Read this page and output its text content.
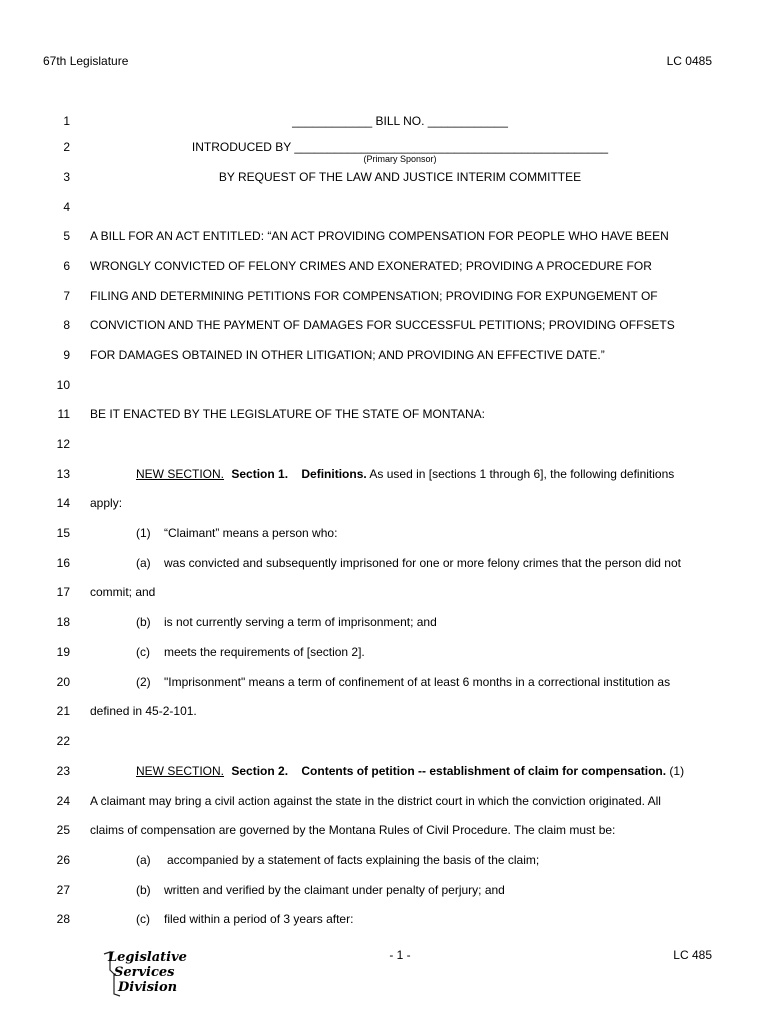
67th Legislature	LC 0485
1	____________ BILL NO. ____________
2	INTRODUCED BY _______________________________________________
(Primary Sponsor)
3	BY REQUEST OF THE LAW AND JUSTICE INTERIM COMMITTEE
4
5 A BILL FOR AN ACT ENTITLED: “AN ACT PROVIDING COMPENSATION FOR PEOPLE WHO HAVE BEEN
6 WRONGLY CONVICTED OF FELONY CRIMES AND EXONERATED; PROVIDING A PROCEDURE FOR
7 FILING AND DETERMINING PETITIONS FOR COMPENSATION; PROVIDING FOR EXPUNGEMENT OF
8 CONVICTION AND THE PAYMENT OF DAMAGES FOR SUCCESSFUL PETITIONS; PROVIDING OFFSETS
9 FOR DAMAGES OBTAINED IN OTHER LITIGATION; AND PROVIDING AN EFFECTIVE DATE.”
10
11 BE IT ENACTED BY THE LEGISLATURE OF THE STATE OF MONTANA:
12
13	NEW SECTION. Section 1. Definitions. As used in [sections 1 through 6], the following definitions
14 apply:
15	(1) “Claimant” means a person who:
16	(a) was convicted and subsequently imprisoned for one or more felony crimes that the person did not
17 commit; and
18	(b) is not currently serving a term of imprisonment; and
19	(c) meets the requirements of [section 2].
20	(2) "Imprisonment" means a term of confinement of at least 6 months in a correctional institution as
21 defined in 45-2-101.
22
23	NEW SECTION. Section 2. Contents of petition -- establishment of claim for compensation. (1)
24 A claimant may bring a civil action against the state in the district court in which the conviction originated. All
25 claims of compensation are governed by the Montana Rules of Civil Procedure. The claim must be:
26	(a) accompanied by a statement of facts explaining the basis of the claim;
27	(b) written and verified by the claimant under penalty of perjury; and
28	(c) filed within a period of 3 years after:
Legislative
Services
Division
- 1 -	LC 485
